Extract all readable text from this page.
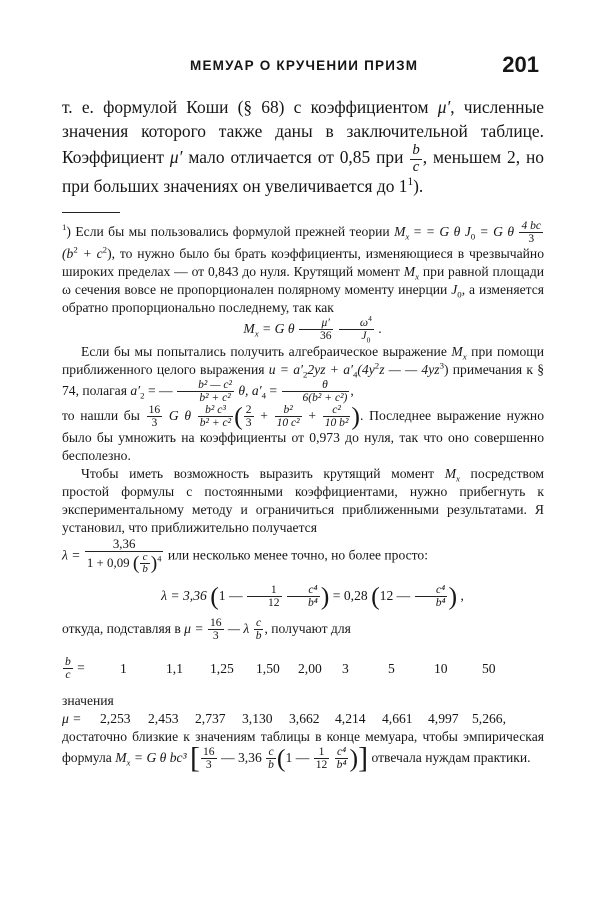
МЕМУАР О КРУЧЕНИИ ПРИЗМ	201

т. е. формулой Коши (§ 68) с коэффициентом μ′, численные значения которого также даны в заключительной таблице. Коэффициент μ′ мало отличается от 0,85 при $\frac{b}{c}$ , меньшем 2, но при больших значениях он увеличивается до $1^1$).

$^1$) Если бы мы пользовались формулой прежней теории $M_x$ = = G θ $J_0 = G$ θ $\frac{4 bc}{3}$
$(b^2 + c^2)$, то нужно было бы брать коэффициенты, изменяющиеся в чрезвычайно широких пределах — от 0,843 до нуля. Крутящий момент $M_x$ при равной площади ω сечения вовсе не пропорционален полярному моменту инерции $J_0$, а изменяется обратно пропорционально последнему, так как

$M_x = G$ θ $\frac{\mu'}{36}$
$\frac{\omega^4}{J_0}$ .

Если бы мы попытались получить алгебраическое выражение $M_x$ при помощи приближенного целого выражения $u = a'_22yz + a'_4(4y^2z$ — — $4yz^3$) примечания к § 74, полагая $a'_2$ = — $\frac{\text{b² — c²}}{\text{b² + c²}} \theta$, $a'_4 = \frac{\theta}{\text{6(b² + c²)}}$ ,

то нашли бы $\frac{16}{3}$ G θ $\frac{\text{b² c³}}{\text{b² + c²}}$ ( $\frac{2}{3} + \frac{\text{b²}}{\text{10 c²}} + \frac{\text{c²}}{\text{10 b²}}$ ). Последнее выражение нужно было бы умножить на коэффициенты от 0,973 до нуля, так что оно совершенно бесполезно.

Чтобы иметь возможность выразить крутящий момент $M_x$ посредством простой формулы с постоянными коэффициентами, нужно прибегнуть к экспериментальному методу и ограничиться приближенными результатами. Я установил, что приближительно получается

$\lambda = \frac{3,36}{1 + 0,09 ( \frac{c}{b} )^4}$ или несколько менее точно, но более просто:

λ = 3,36 (1 — $\frac{1}{12}$
$\frac{\text{c⁴}}{\text{b⁴}}$ ) = 0,28 (12 — $\frac{\text{c⁴}}{\text{b⁴}}$ ) ,

откуда, подставляя в $\mu = \frac{16}{3}$ — λ $\frac{c}{b}$ , получают для

$\frac{b}{c}$ =	1	1,1	1,25	1,50	2,00	3	5	10	50

значения

μ =	2,253	2,453	2,737	3,130	3,662	4,214	4,661	4,997 5,266,

достаточно близкие к значениям таблицы в конце мемуара, чтобы эмпирическая формула $M_x = G$ θ bc³ [ $\frac{16}{3}$ — $3,36 \frac{c}{b} (1$ — $\frac{1}{12}$
$\frac{\text{c⁴}}{\text{b⁴}}$ )] отвечала нуждам практики.
